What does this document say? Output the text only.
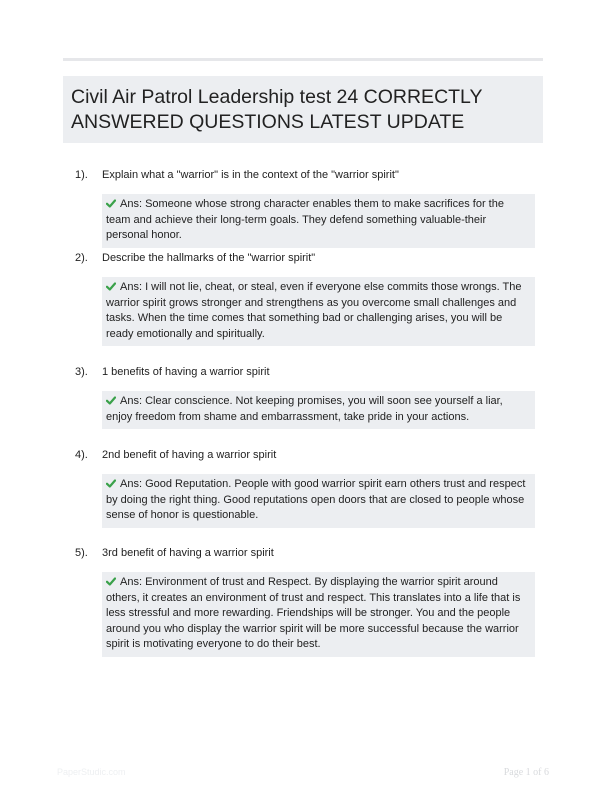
Civil Air Patrol Leadership test 24 CORRECTLY ANSWERED QUESTIONS LATEST UPDATE
1).	Explain what a "warrior" is in the context of the "warrior spirit"
Ans: Someone whose strong character enables them to make sacrifices for the team and achieve their long-term goals. They defend something valuable-their personal honor.
2).	Describe the hallmarks of the "warrior spirit"
Ans: I will not lie, cheat, or steal, even if everyone else commits those wrongs. The warrior spirit grows stronger and strengthens as you overcome small challenges and tasks. When the time comes that something bad or challenging arises, you will be ready emotionally and spiritually.
3).	1 benefits of having a warrior spirit
Ans: Clear conscience. Not keeping promises, you will soon see yourself a liar, enjoy freedom from shame and embarrassment, take pride in your actions.
4).	2nd benefit of having a warrior spirit
Ans: Good Reputation. People with good warrior spirit earn others trust and respect by doing the right thing. Good reputations open doors that are closed to people whose sense of honor is questionable.
5).	3rd benefit of having a warrior spirit
Ans: Environment of trust and Respect. By displaying the warrior spirit around others, it creates an environment of trust and respect. This translates into a life that is less stressful and more rewarding. Friendships will be stronger. You and the people around you who display the warrior spirit will be more successful because the warrior spirit is motivating everyone to do their best.
PaperStudic.com	Page 1 of 6
